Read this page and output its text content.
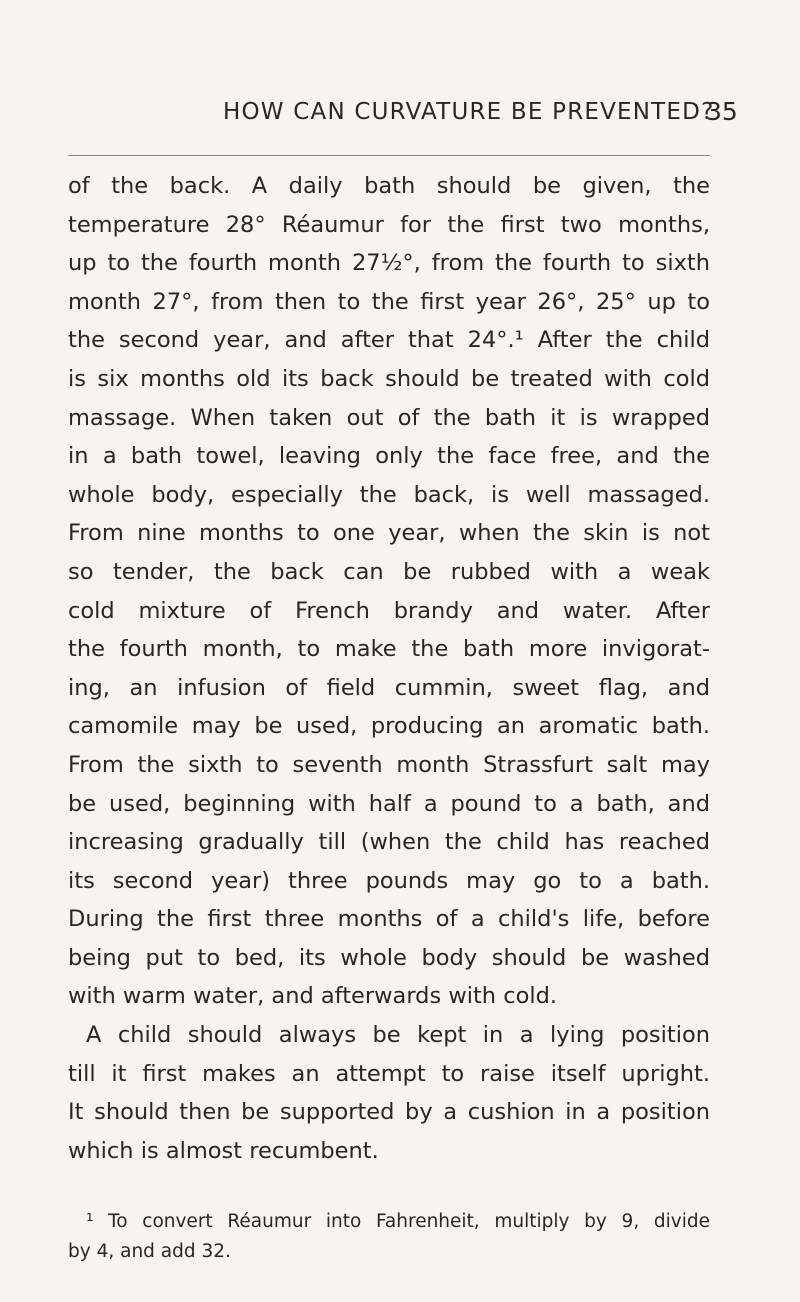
HOW CAN CURVATURE BE PREVENTED?
35
of the back. A daily bath should be given, the
temperature 28° Réaumur for the first two months,
up to the fourth month 27½°, from the fourth to sixth
month 27°, from then to the first year 26°, 25° up to
the second year, and after that 24°.¹ After the child
is six months old its back should be treated with cold
massage. When taken out of the bath it is wrapped
in a bath towel, leaving only the face free, and the
whole body, especially the back, is well massaged.
From nine months to one year, when the skin is not
so tender, the back can be rubbed with a weak
cold mixture of French brandy and water. After
the fourth month, to make the bath more invigorat-
ing, an infusion of field cummin, sweet flag, and
camomile may be used, producing an aromatic bath.
From the sixth to seventh month Strassfurt salt may
be used, beginning with half a pound to a bath, and
increasing gradually till (when the child has reached
its second year) three pounds may go to a bath.
During the first three months of a child's life, before
being put to bed, its whole body should be washed
with warm water, and afterwards with cold.
A child should always be kept in a lying position
till it first makes an attempt to raise itself upright.
It should then be supported by a cushion in a position
which is almost recumbent.
¹ To convert Réaumur into Fahrenheit, multiply by 9, divide
by 4, and add 32.
